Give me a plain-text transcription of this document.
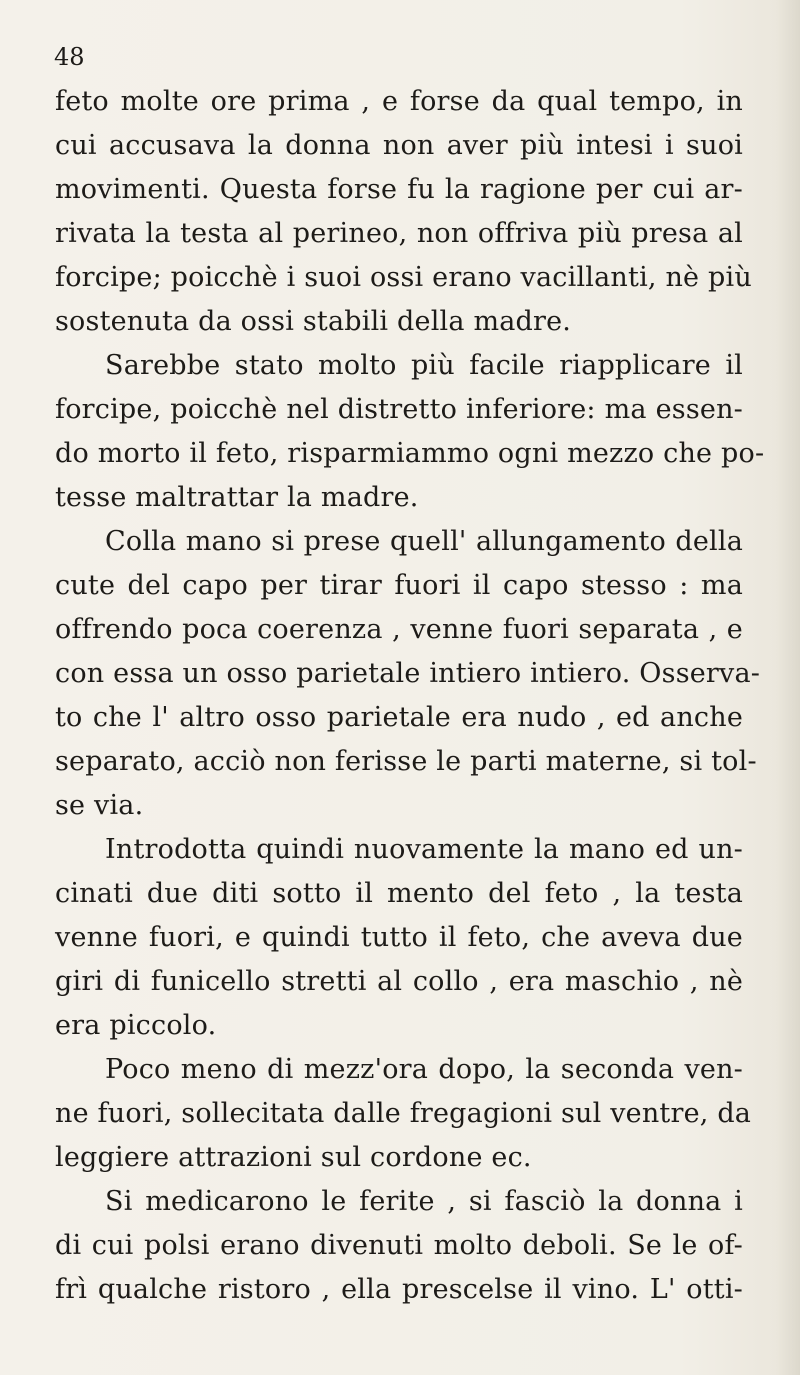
48
feto molte ore prima , e forse da qual tempo, in
cui accusava la donna non aver più intesi i suoi
movimenti. Questa forse fu la ragione per cui ar-
rivata la testa al perineo, non offriva più presa al
forcipe; poicchè i suoi ossi erano vacillanti, nè più
sostenuta da ossi stabili della madre.
Sarebbe stato molto più facile riapplicare il
forcipe, poicchè nel distretto inferiore: ma essen-
do morto il feto, risparmiammo ogni mezzo che po-
tesse maltrattar la madre.
Colla mano si prese quell' allungamento della
cute del capo per tirar fuori il capo stesso : ma
offrendo poca coerenza , venne fuori separata , e
con essa un osso parietale intiero intiero. Osserva-
to che l' altro osso parietale era nudo , ed anche
separato, acciò non ferisse le parti materne, si tol-
se via.
Introdotta quindi nuovamente la mano ed un-
cinati due diti sotto il mento del feto , la testa
venne fuori, e quindi tutto il feto, che aveva due
giri di funicello stretti al collo , era maschio , nè
era piccolo.
Poco meno di mezz'ora dopo, la seconda ven-
ne fuori, sollecitata dalle fregagioni sul ventre, da
leggiere attrazioni sul cordone ec.
Si medicarono le ferite , si fasciò la donna i
di cui polsi erano divenuti molto deboli. Se le of-
frì qualche ristoro , ella prescelse il vino. L' otti-
